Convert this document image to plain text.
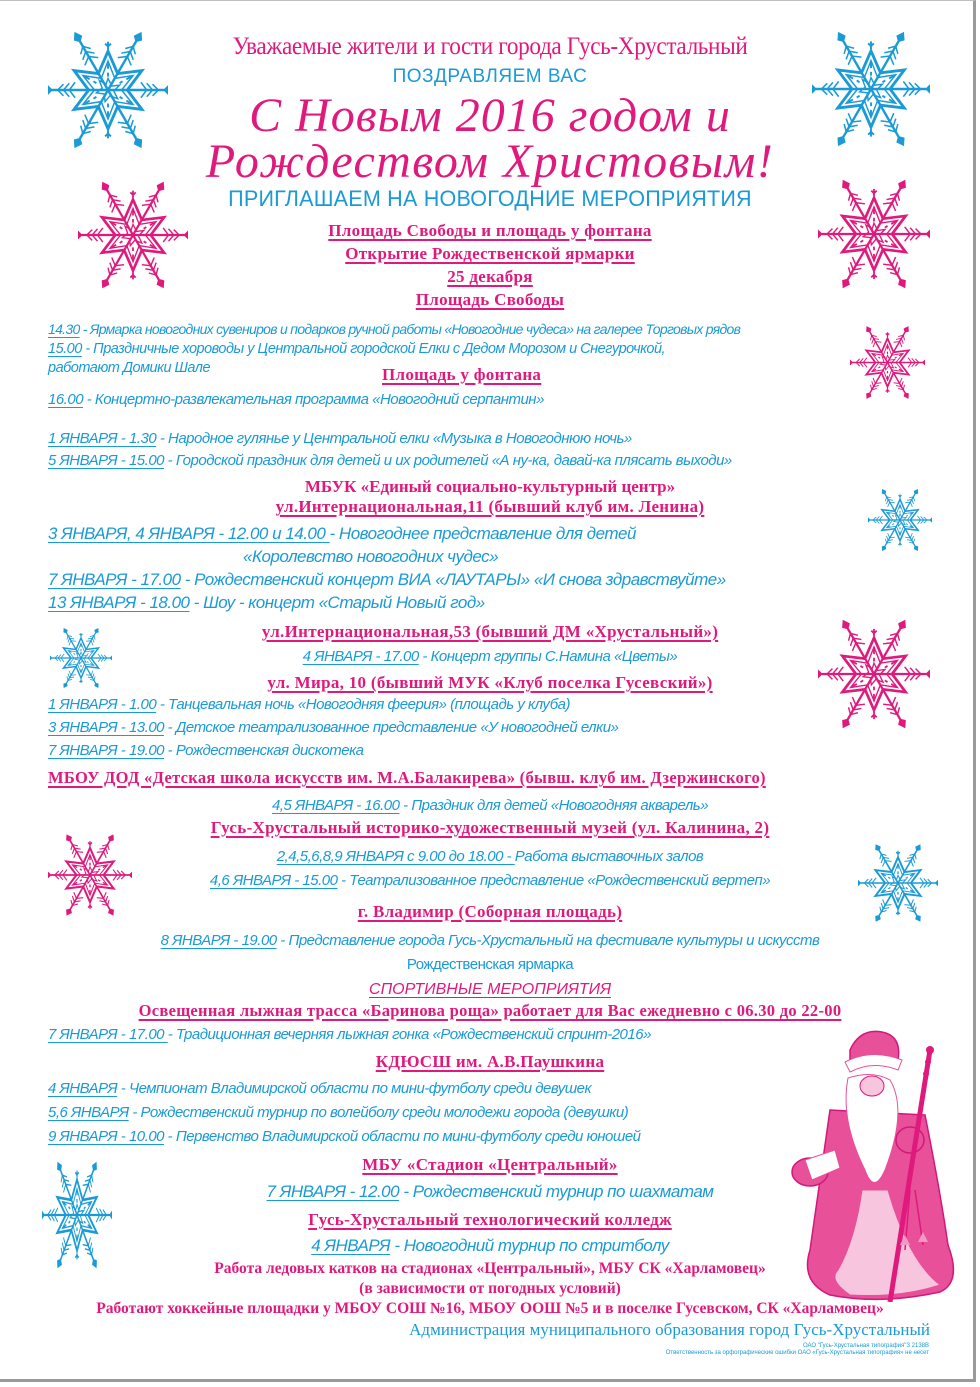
Уважаемые жители и гости города Гусь-Хрустальный
ПОЗДРАВЛЯЕМ ВАС
С Новым 2016 годом и
Рождеством Христовым!
ПРИГЛАШАЕМ НА НОВОГОДНИЕ МЕРОПРИЯТИЯ
Площадь Свободы и площадь у фонтана
Открытие Рождественской ярмарки
25 декабря
Площадь Свободы
14.30 - Ярмарка новогодних сувениров и подарков ручной работы «Новогодние чудеса» на галерее Торговых рядов
15.00 - Праздничные хороводы у Центральной городской Елки с Дедом Морозом и Снегурочкой,
работают Домики Шале	Площадь у фонтана
16.00 - Концертно-развлекательная программа «Новогодний серпантин»
1 ЯНВАРЯ - 1.30 - Народное гулянье у Центральной елки «Музыка в Новогоднюю ночь»
5 ЯНВАРЯ - 15.00 - Городской праздник для детей и их родителей «А ну-ка, давай-ка плясать выходи»
МБУК «Единый социально-культурный центр»
ул.Интернациональная,11 (бывший клуб им. Ленина)
3 ЯНВАРЯ, 4 ЯНВАРЯ - 12.00 и 14.00 - Новогоднее представление для детей
«Королевство новогодних чудес»
7 ЯНВАРЯ - 17.00 - Рождественский концерт ВИА «ЛАУТАРЫ» «И снова здравствуйте»
13 ЯНВАРЯ - 18.00 - Шоу - концерт «Старый Новый год»
ул.Интернациональная,53 (бывший ДМ «Хрустальный»)
4 ЯНВАРЯ - 17.00 - Концерт группы С.Намина «Цветы»
ул. Мира, 10 (бывший МУК «Клуб поселка Гусевский»)
1 ЯНВАРЯ - 1.00 - Танцевальная ночь «Новогодняя феерия» (площадь у клуба)
3 ЯНВАРЯ - 13.00 - Детское театрализованное представление «У новогодней елки»
7 ЯНВАРЯ - 19.00 - Рождественская дискотека
МБОУ ДОД «Детская школа искусств им. М.А.Балакирева» (бывш. клуб им. Дзержинского)
4,5 ЯНВАРЯ - 16.00 - Праздник для детей «Новогодняя акварель»
Гусь-Хрустальный историко-художественный музей (ул. Калинина, 2)
2,4,5,6,8,9 ЯНВАРЯ с 9.00 до 18.00 - Работа выставочных залов
4,6 ЯНВАРЯ - 15.00 - Театрализованное представление «Рождественский вертеп»
г. Владимир (Соборная площадь)
8 ЯНВАРЯ - 19.00 - Представление города Гусь-Хрустальный на фестивале культуры и искусств
Рождественская ярмарка
СПОРТИВНЫЕ МЕРОПРИЯТИЯ
Освещенная лыжная трасса «Баринова роща» работает для Вас ежедневно с 06.30 до 22-00
7 ЯНВАРЯ - 17.00 - Традиционная вечерняя лыжная гонка «Рождественский спринт-2016»
КДЮСШ им. А.В.Паушкина
4 ЯНВАРЯ - Чемпионат Владимирской области по мини-футболу среди девушек
5,6 ЯНВАРЯ - Рождественский турнир по волейболу среди молодежи города (девушки)
9 ЯНВАРЯ - 10.00 - Первенство Владимирской области по мини-футболу среди юношей
МБУ «Стадион «Центральный»
7 ЯНВАРЯ - 12.00 - Рождественский турнир по шахматам
Гусь-Хрустальный технологический колледж
4 ЯНВАРЯ - Новогодний турнир по стритболу
Работа ледовых катков на стадионах «Центральный», МБУ СК «Харламовец»
(в зависимости от погодных условий)
Работают хоккейные площадки у МБОУ СОШ №16, МБОУ ООШ №5 и в поселке Гусевском, СК «Харламовец»
Администрация муниципального образования город Гусь-Хрустальный
ОАО "Гусь-Хрустальная типография"З 2138В
Ответственность за орфографические ошибки ОАО «Гусь-Хрустальная типография» не несет
